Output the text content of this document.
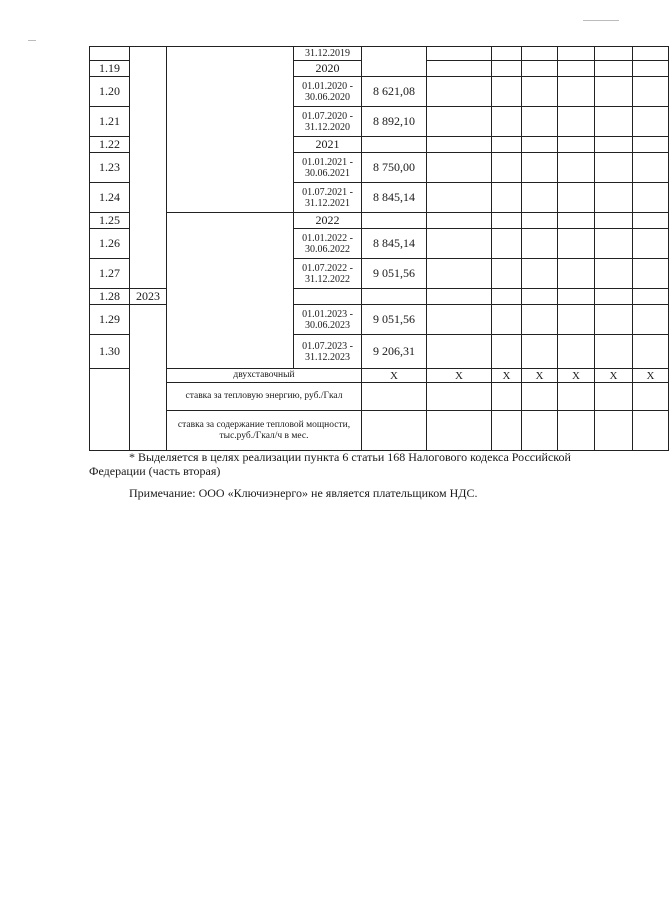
			31.12.2019								
1.19			2020								
1.20			01.01.2020 - 30.06.2020	8 621,08							
1.21			01.07.2020 - 31.12.2020	8 892,10							
1.22			2021								
1.23			01.01.2021 - 30.06.2021	8 750,00							
1.24			01.07.2021 - 31.12.2021	8 845,14							
1.25			2022								
1.26			01.01.2022 - 30.06.2022	8 845,14							
1.27			01.07.2022 - 31.12.2022	9 051,56							
1.28	2023										
1.29			01.01.2023 - 30.06.2023	9 051,56							
1.30			01.07.2023 - 31.12.2023	9 206,31							
		двухставочный		Х	Х	Х	Х	Х	Х	Х	
		ставка за тепловую энергию, руб./Гкал									
		ставка за содержание тепловой мощности, тыс.руб./Гкал/ч в мес.									

* Выделяется в целях реализации пункта 6 статьи 168 Налогового кодекса Российской Федерации (часть вторая)

Примечание: ООО «Ключиэнерго» не является плательщиком НДС.
